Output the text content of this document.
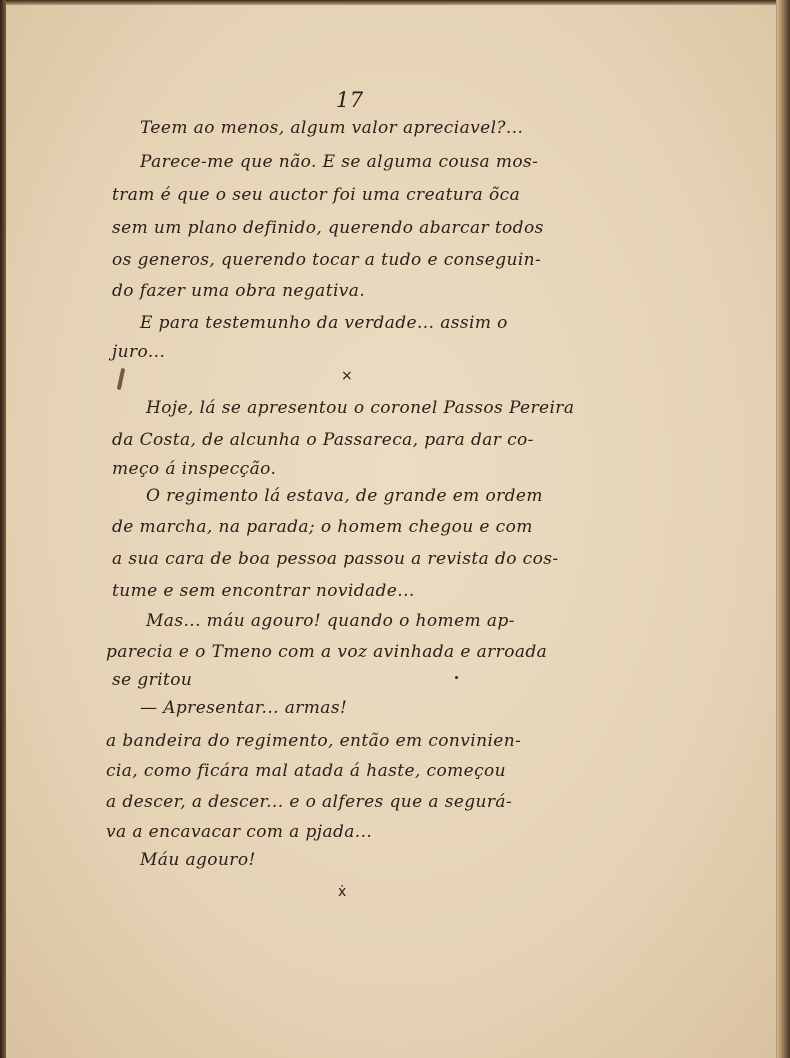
17
Teem ao menos, algum valor apreciavel?...
Parece-me que não. E se alguma cousa mos-
tram é que o seu auctor foi uma creatura õca
sem um plano definido, querendo abarcar todos
os generos, querendo tocar a tudo e conseguin-
do fazer uma obra negativa.
E para testemunho da verdade... assim o
juro...
×
Hoje, lá se apresentou o coronel Passos Pereira
da Costa, de alcunha o Passareca, para dar co-
meço á inspecção.
O regimento lá estava, de grande em ordem
de marcha, na parada; o homem chegou e com
a sua cara de boa pessoa passou a revista do cos-
tume e sem encontrar novidade...
Mas... máu agouro! quando o homem ap-
parecia e o Tmeno com a voz avinhada e arroada
se gritou
— Apresentar... armas!
a bandeira do regimento, então em convinien-
cia, como ficára mal atada á haste, começou
a descer, a descer... e o alferes que a segurá-
va a encavacar com a pjada...
Máu agouro!
ẋ
